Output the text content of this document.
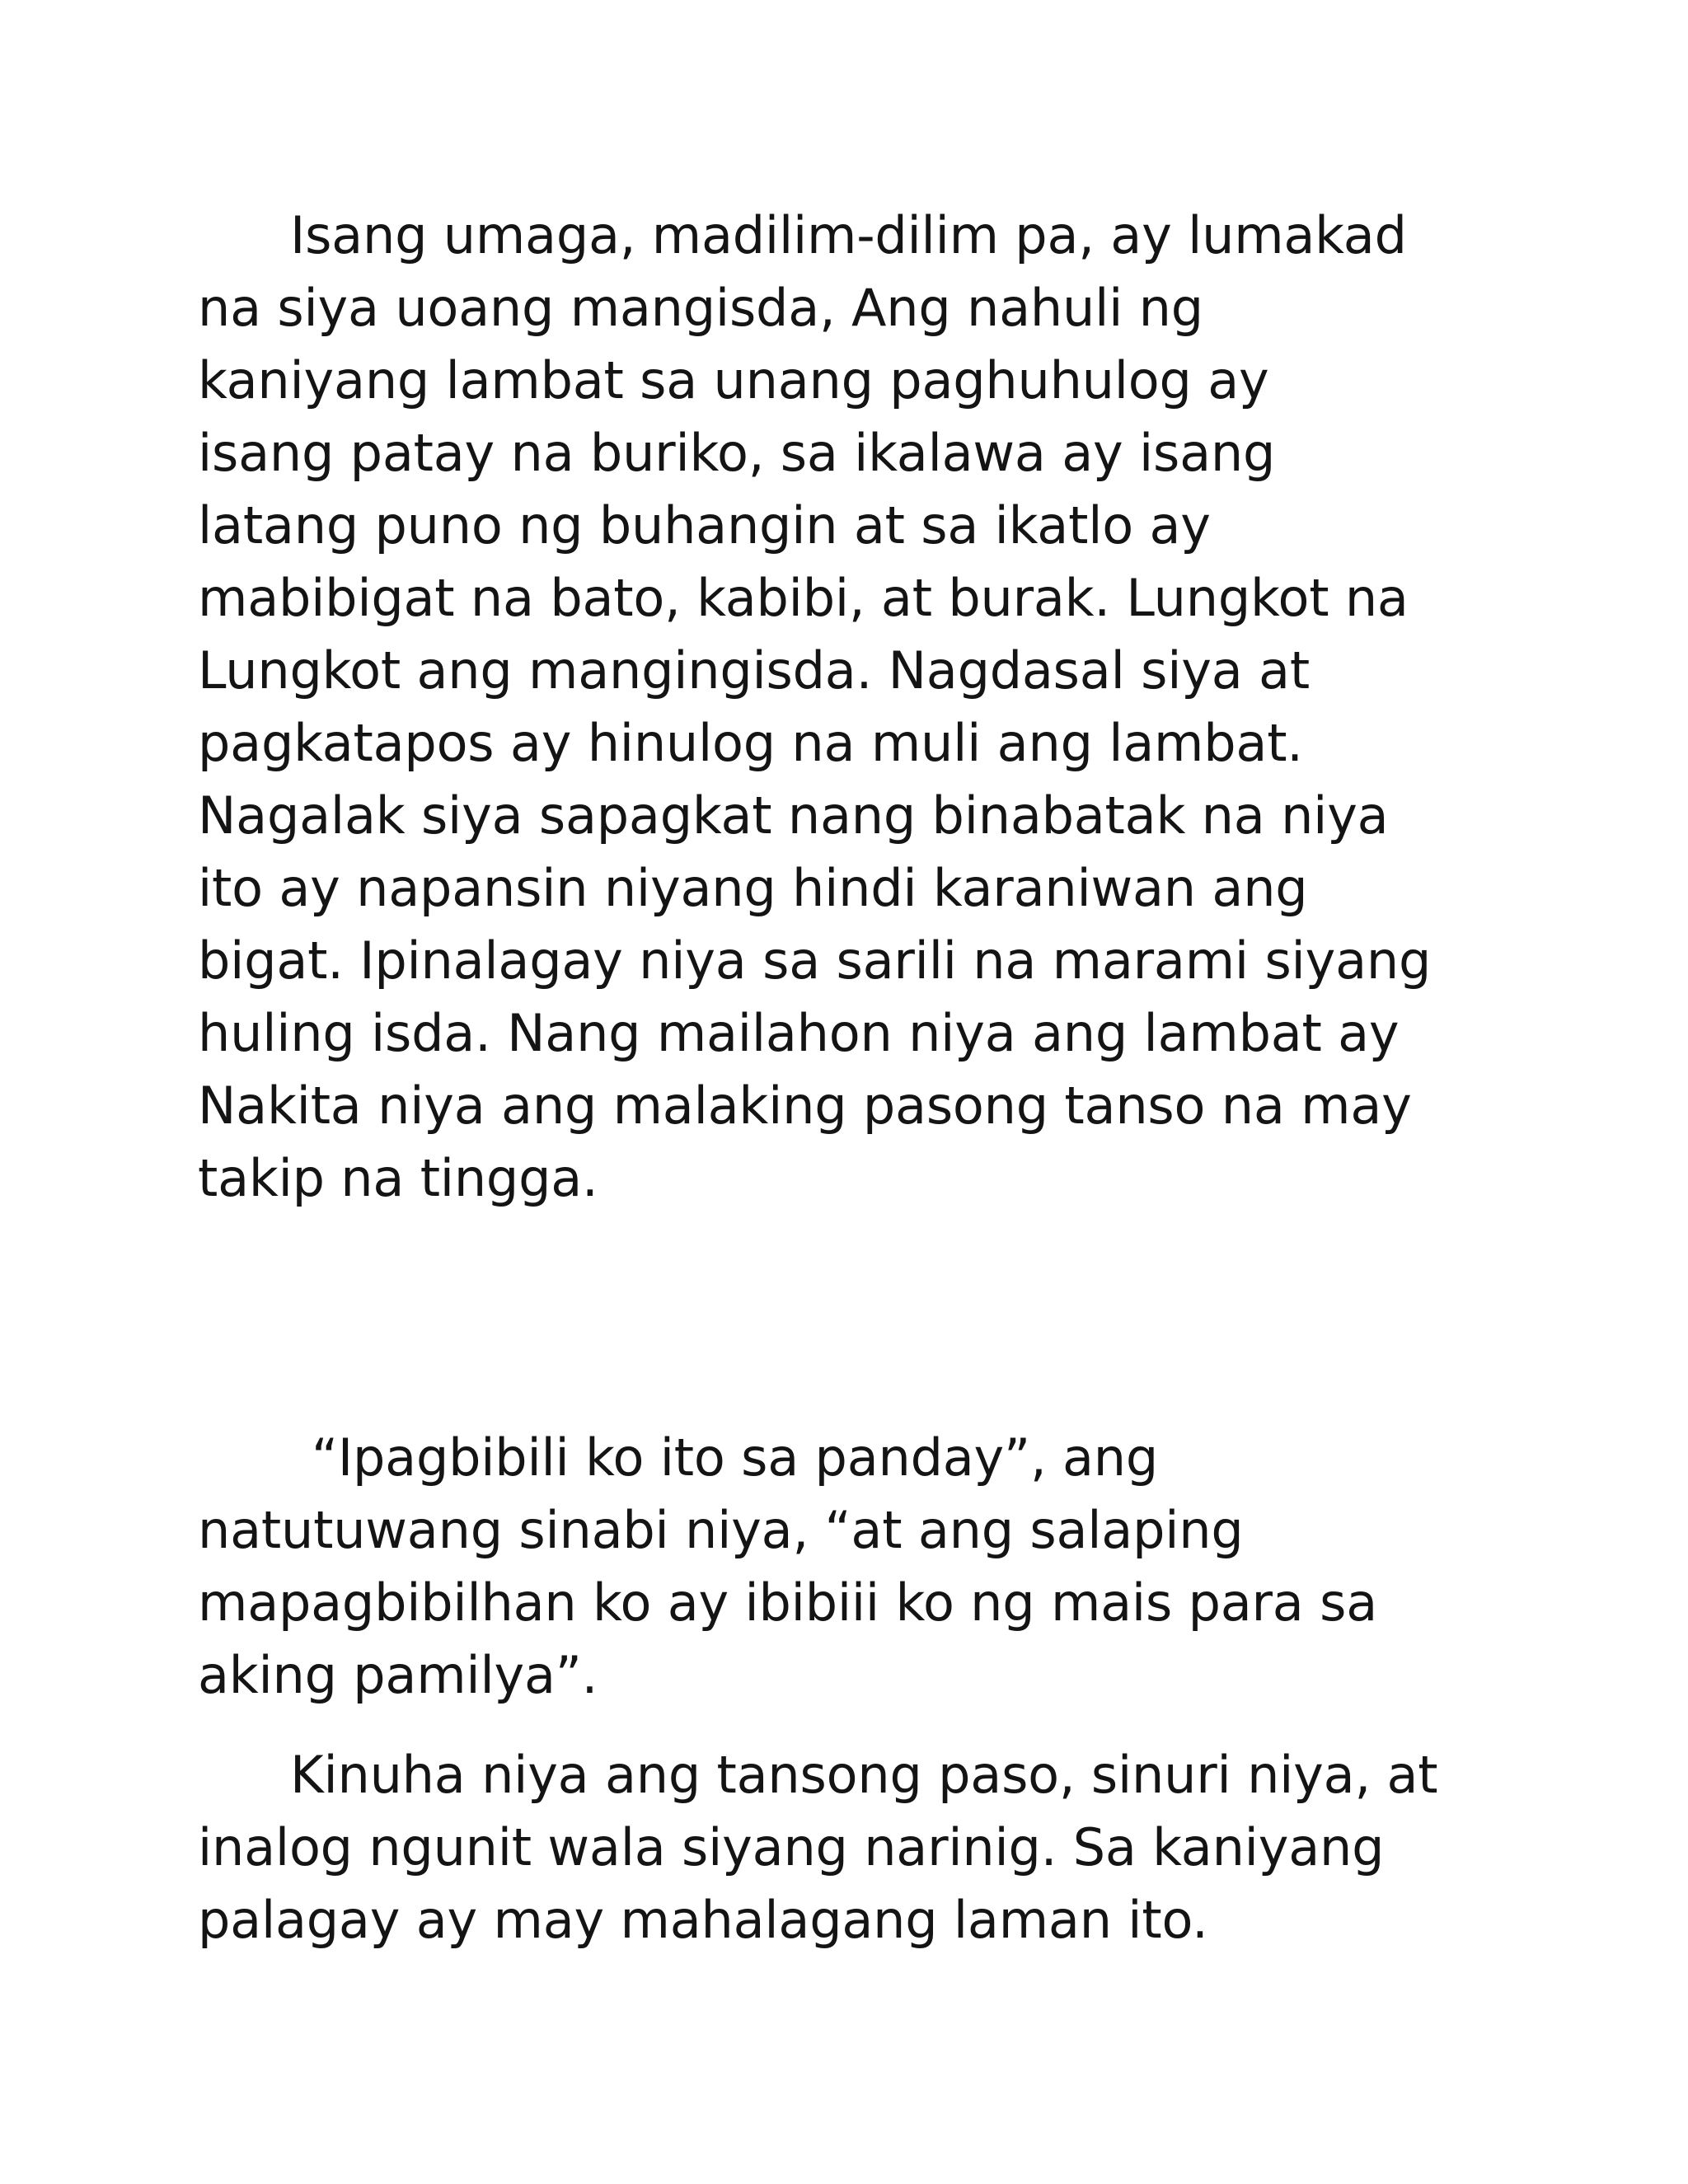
Isang umaga, madilim-dilim pa, ay lumakad
na siya uoang mangisda, Ang nahuli ng
kaniyang lambat sa unang paghuhulog ay
isang patay na buriko, sa ikalawa ay isang
latang puno ng buhangin at sa ikatlo ay
mabibigat na bato, kabibi, at burak. Lungkot na
Lungkot ang mangingisda. Nagdasal siya at
pagkatapos ay hinulog na muli ang lambat.
Nagalak siya sapagkat nang binabatak na niya
ito ay napansin niyang hindi karaniwan ang
bigat. Ipinalagay niya sa sarili na marami siyang
huling isda. Nang mailahon niya ang lambat ay
Nakita niya ang malaking pasong tanso na may
takip na tingga.
“Ipagbibili ko ito sa panday”, ang
natutuwang sinabi niya, “at ang salaping
mapagbibilhan ko ay ibibiii ko ng mais para sa
aking pamilya”.
Kinuha niya ang tansong paso, sinuri niya, at
inalog ngunit wala siyang narinig. Sa kaniyang
palagay ay may mahalagang laman ito.
